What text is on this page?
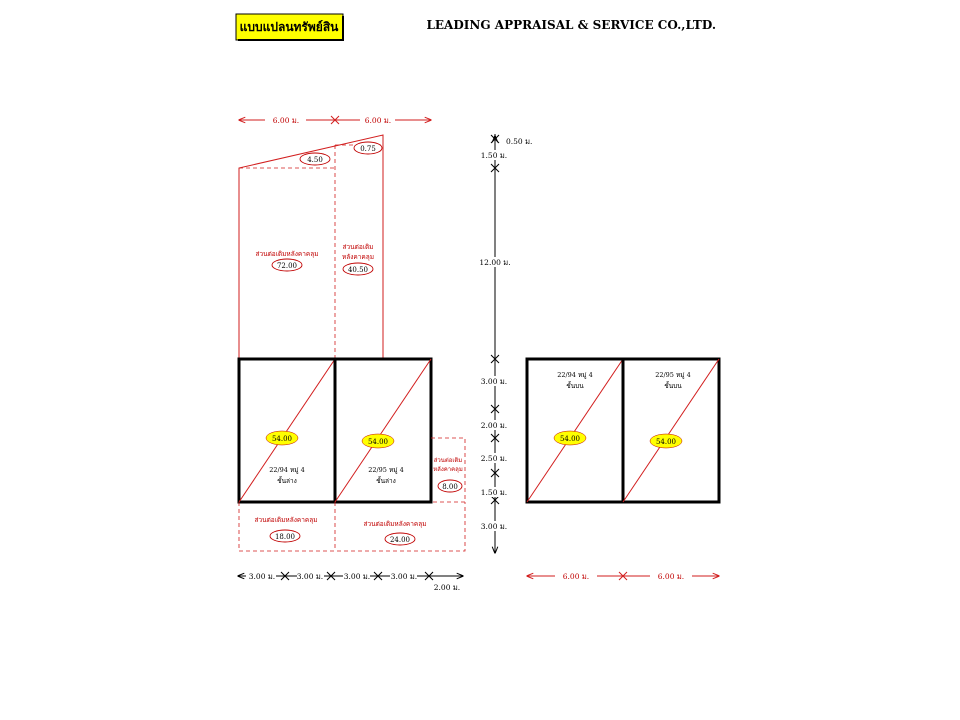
แบบแปลนทรัพย์สิน	LEADING APPRAISAL & SERVICE CO.,LTD.
6.00 ม.	6.00 ม.
4.50
0.75
ส่วนต่อเติมหลังคาคลุม
72.00
ส่วนต่อเติม
หลังคาคลุม
40.50
54.00
22/94 หมู่ 4
ชั้นล่าง
54.00
22/95 หมู่ 4
ชั้นล่าง
ส่วนต่อเติม
หลังคาคลุม
8.00
ส่วนต่อเติมหลังคาคลุม
18.00
ส่วนต่อเติมหลังคาคลุม
24.00
3.00 ม.	3.00 ม.	3.00 ม.	3.00 ม.
2.00 ม.
0.50 ม.
1.50 ม.
12.00 ม.
3.00 ม.
2.00 ม.
2.50 ม.
1.50 ม.
3.00 ม.
22/94 หมู่ 4
ชั้นบน
54.00
22/95 หมู่ 4
ชั้นบน
54.00
6.00 ม.	6.00 ม.
